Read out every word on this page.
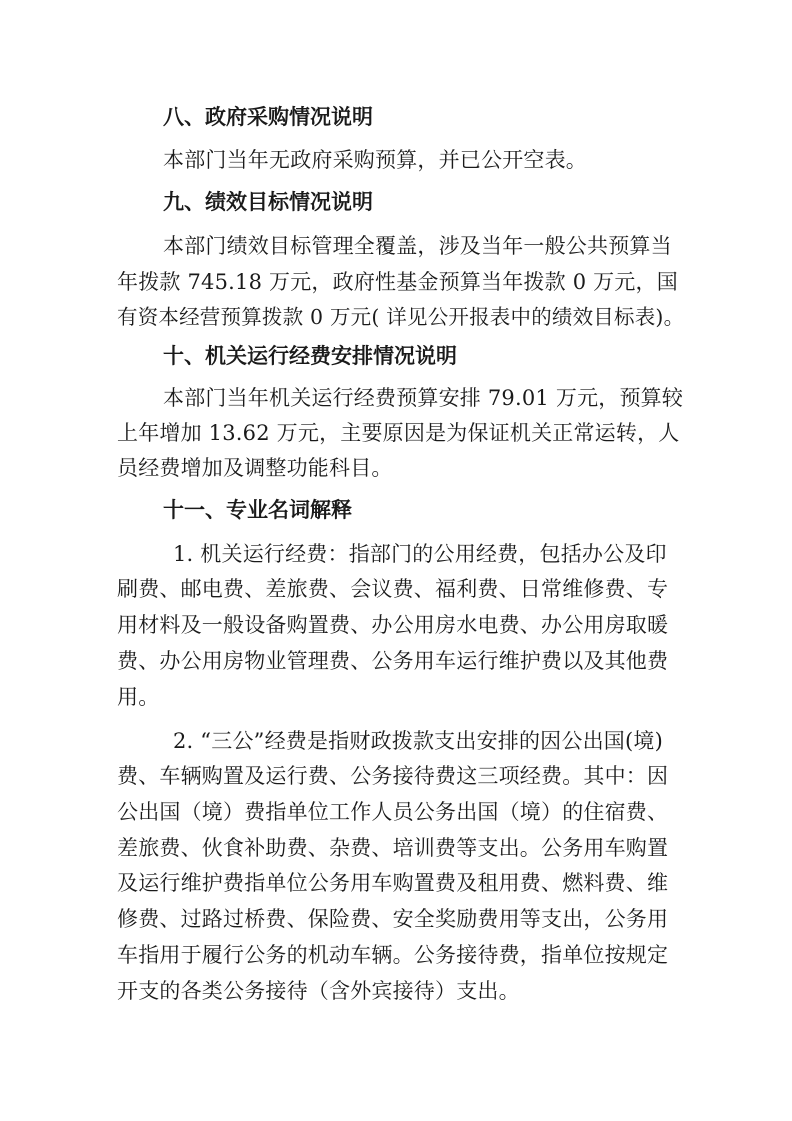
八、政府采购情况说明
本部门当年无政府采购预算，并已公开空表。
九、绩效目标情况说明
本部门绩效目标管理全覆盖，涉及当年一般公共预算当
年拨款 745.18 万元，政府性基金预算当年拨款 0 万元，国
有资本经营预算拨款 0 万元( 详见公开报表中的绩效目标表)。
十、机关运行经费安排情况说明
本部门当年机关运行经费预算安排 79.01 万元，预算较
上年增加 13.62 万元，主要原因是为保证机关正常运转，人
员经费增加及调整功能科目。
十一、专业名词解释
1. 机关运行经费：指部门的公用经费，包括办公及印
刷费、邮电费、差旅费、会议费、福利费、日常维修费、专
用材料及一般设备购置费、办公用房水电费、办公用房取暖
费、办公用房物业管理费、公务用车运行维护费以及其他费
用。
2. “三公”经费是指财政拨款支出安排的因公出国(境)
费、车辆购置及运行费、公务接待费这三项经费。其中：因
公出国（境）费指单位工作人员公务出国（境）的住宿费、
差旅费、伙食补助费、杂费、培训费等支出。公务用车购置
及运行维护费指单位公务用车购置费及租用费、燃料费、维
修费、过路过桥费、保险费、安全奖励费用等支出，公务用
车指用于履行公务的机动车辆。公务接待费，指单位按规定
开支的各类公务接待（含外宾接待）支出。
